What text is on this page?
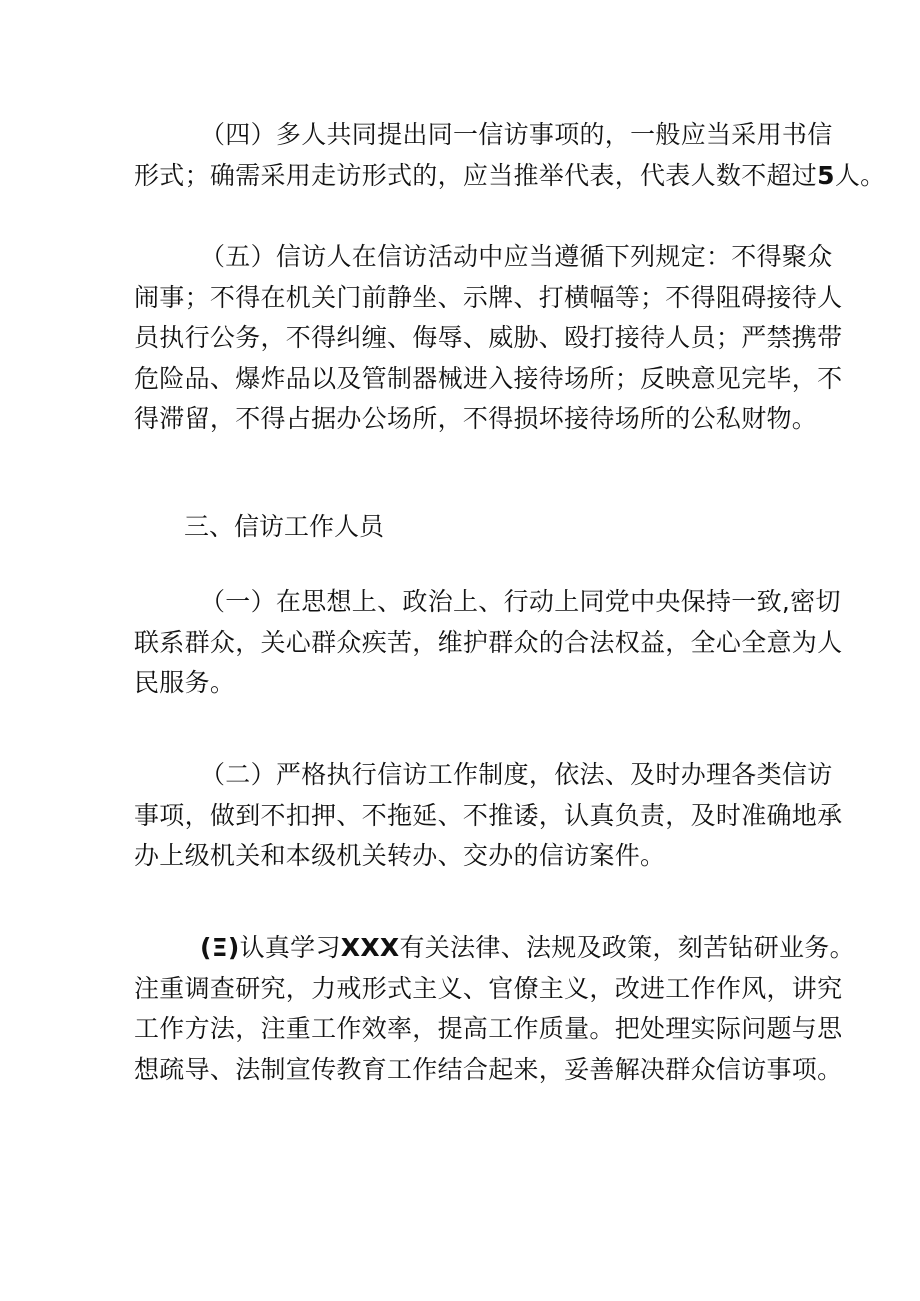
（四）多人共同提出同一信访事项的，一般应当采用书信
形式；确需采用走访形式的，应当推举代表，代表人数不超过5人。

（五）信访人在信访活动中应当遵循下列规定：不得聚众
闹事；不得在机关门前静坐、示牌、打横幅等；不得阻碍接待人
员执行公务，不得纠缠、侮辱、威胁、殴打接待人员；严禁携带
危险品、爆炸品以及管制器械进入接待场所；反映意见完毕，不
得滞留，不得占据办公场所，不得损坏接待场所的公私财物。

三、信访工作人员

（一）在思想上、政治上、行动上同党中央保持一致,密切
联系群众，关心群众疾苦，维护群众的合法权益，全心全意为人
民服务。

（二）严格执行信访工作制度，依法、及时办理各类信访
事项，做到不扣押、不拖延、不推诿，认真负责，及时准确地承
办上级机关和本级机关转办、交办的信访案件。

(Ξ)认真学习XXX有关法律、法规及政策，刻苦钻研业务。
注重调查研究，力戒形式主义、官僚主义，改进工作作风，讲究
工作方法，注重工作效率，提高工作质量。把处理实际问题与思
想疏导、法制宣传教育工作结合起来，妥善解决群众信访事项。
